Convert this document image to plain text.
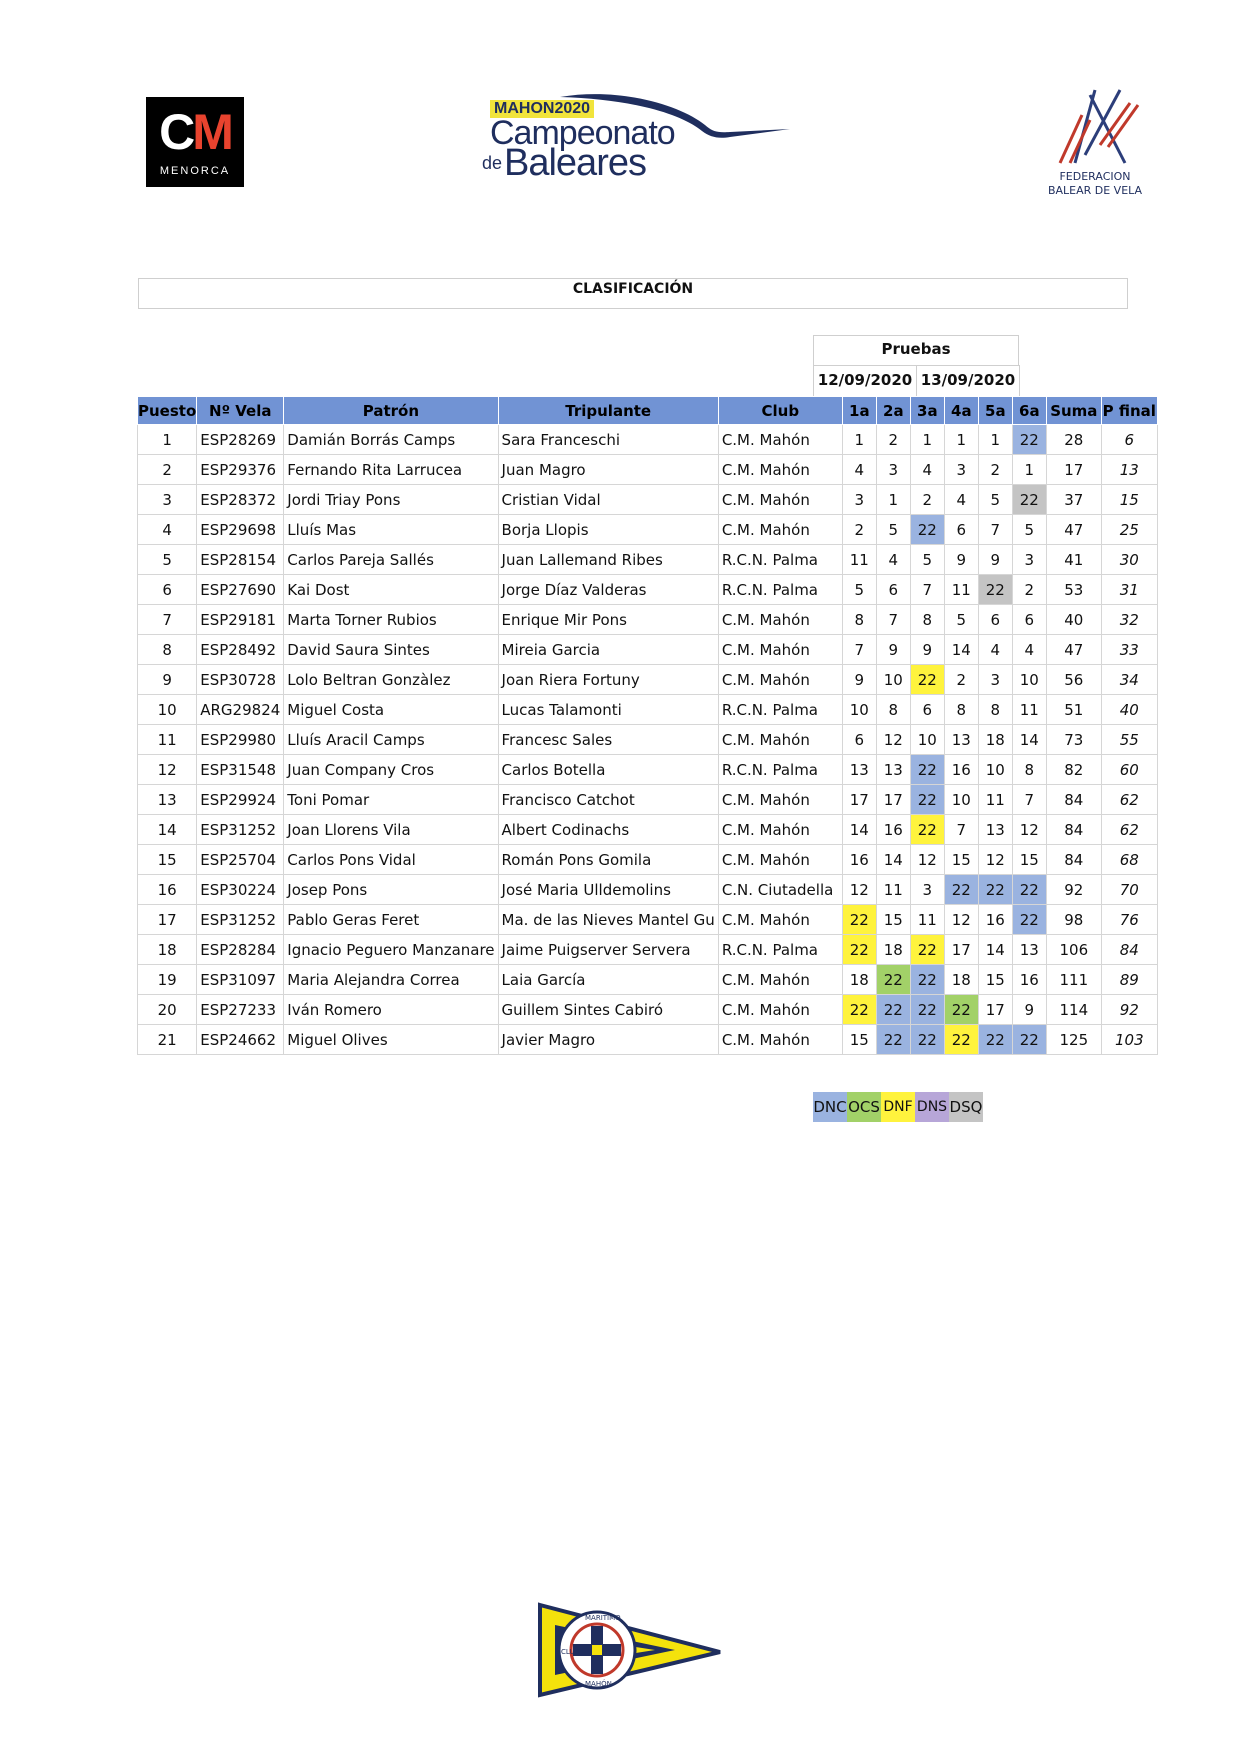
CM
MENORCA
MAHON2020
Campeonato
de Baleares	FEDERACION
BALEAR DE VELA
CLASIFICACIÓN
Pruebas
12/09/2020 13/09/2020
Puesto	Nº Vela	Patrón	Tripulante	Club	1a	2a	3a	4a	5a	6a	Suma	P final
1	ESP28269	Damián Borrás Camps	Sara Franceschi	C.M. Mahón	1	2	1	1	1	22	28	6
2	ESP29376	Fernando Rita Larrucea	Juan Magro	C.M. Mahón	4	3	4	3	2	1	17	13
3	ESP28372	Jordi Triay Pons	Cristian Vidal	C.M. Mahón	3	1	2	4	5	22	37	15
4	ESP29698	Lluís Mas	Borja Llopis	C.M. Mahón	2	5	22	6	7	5	47	25
5	ESP28154	Carlos Pareja Sallés	Juan Lallemand Ribes	R.C.N. Palma	11	4	5	9	9	3	41	30
6	ESP27690	Kai Dost	Jorge Díaz Valderas	R.C.N. Palma	5	6	7	11	22	2	53	31
7	ESP29181	Marta Torner Rubios	Enrique Mir Pons	C.M. Mahón	8	7	8	5	6	6	40	32
8	ESP28492	David Saura Sintes	Mireia Garcia	C.M. Mahón	7	9	9	14	4	4	47	33
9	ESP30728	Lolo Beltran Gonzàlez	Joan Riera Fortuny	C.M. Mahón	9	10	22	2	3	10	56	34
10	ARG29824	Miguel Costa	Lucas Talamonti	R.C.N. Palma	10	8	6	8	8	11	51	40
11	ESP29980	Lluís Aracil Camps	Francesc Sales	C.M. Mahón	6	12	10	13	18	14	73	55
12	ESP31548	Juan Company Cros	Carlos Botella	R.C.N. Palma	13	13	22	16	10	8	82	60
13	ESP29924	Toni Pomar	Francisco Catchot	C.M. Mahón	17	17	22	10	11	7	84	62
14	ESP31252	Joan Llorens Vila	Albert Codinachs	C.M. Mahón	14	16	22	7	13	12	84	62
15	ESP25704	Carlos Pons Vidal	Román Pons Gomila	C.M. Mahón	16	14	12	15	12	15	84	68
16	ESP30224	Josep Pons	José Maria Ulldemolins	C.N. Ciutadella	12	11	3	22	22	22	92	70
17	ESP31252	Pablo Geras Feret	Ma. de las Nieves Mantel Gu	C.M. Mahón	22	15	11	12	16	22	98	76
18	ESP28284	Ignacio Peguero Manzanare	Jaime Puigserver Servera	R.C.N. Palma	22	18	22	17	14	13	106	84
19	ESP31097	Maria Alejandra Correa	Laia García	C.M. Mahón	18	22	22	18	15	16	111	89
20	ESP27233	Iván Romero	Guillem Sintes Cabiró	C.M. Mahón	22	22	22	22	17	9	114	92
21	ESP24662	Miguel Olives	Javier Magro	C.M. Mahón	15	22	22	22	22	22	125	103
DNC OCS DNF DNS DSQ
MARITIMO
CLUB
MAHÓN
